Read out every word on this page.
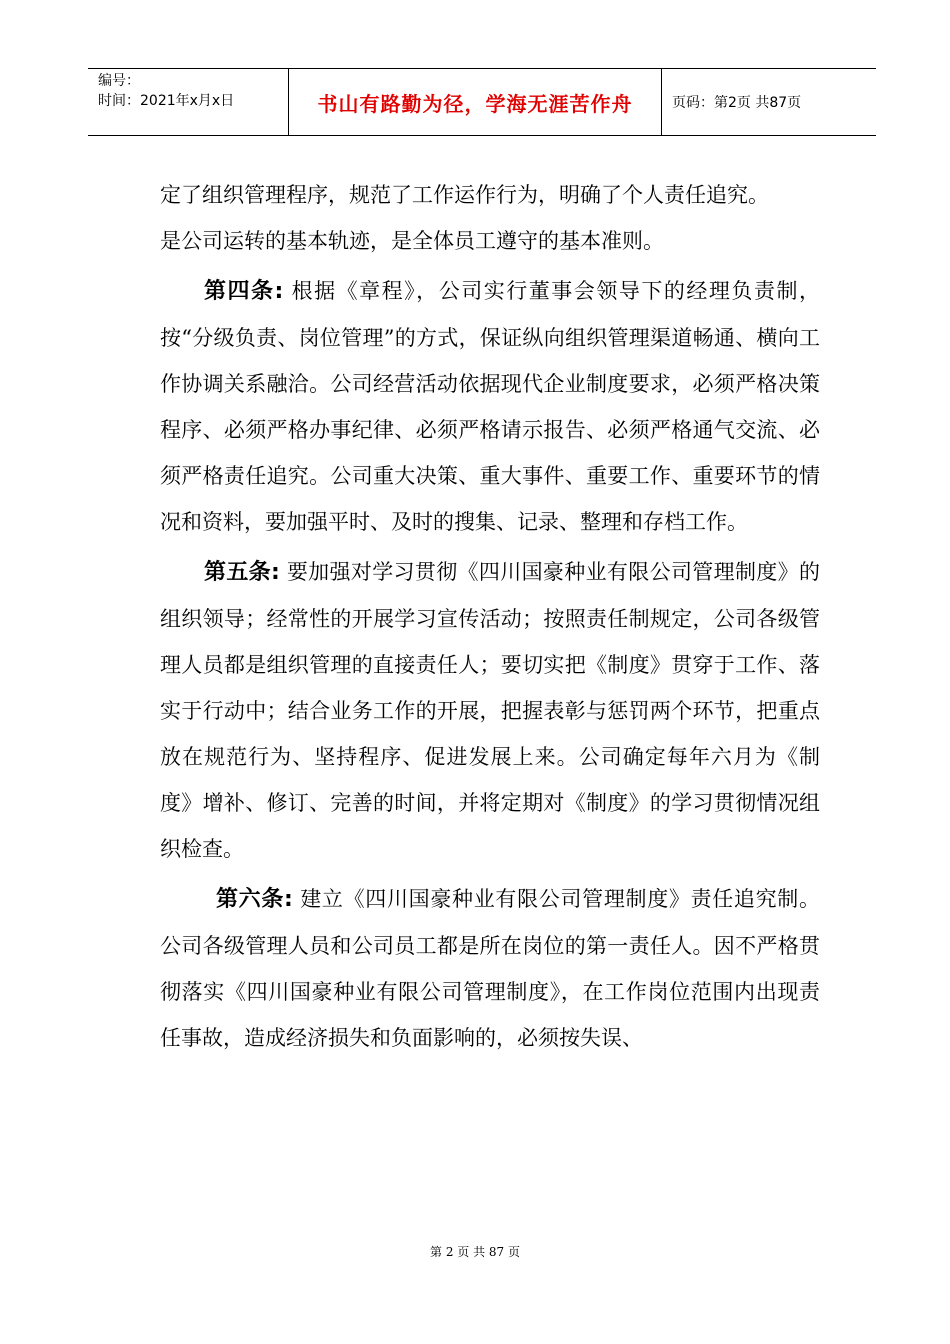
编号：
时间：2021年x月x日	书山有路勤为径，学海无涯苦作舟	页码：第2页 共87页

定了组织管理程序，规范了工作运作行为，明确了个人责任追究。

是公司运转的基本轨迹，是全体员工遵守的基本准则。

第四条: 根据《章程》，公司实行董事会领导下的经理负责制，按“分级负责、岗位管理”的方式，保证纵向组织管理渠道畅通、横向工作协调关系融洽。公司经营活动依据现代企业制度要求，必须严格决策程序、必须严格办事纪律、必须严格请示报告、必须严格通气交流、必须严格责任追究。公司重大决策、重大事件、重要工作、重要环节的情况和资料，要加强平时、及时的搜集、记录、整理和存档工作。

第五条: 要加强对学习贯彻《四川国豪种业有限公司管理制度》的组织领导；经常性的开展学习宣传活动；按照责任制规定，公司各级管理人员都是组织管理的直接责任人；要切实把《制度》贯穿于工作、落实于行动中；结合业务工作的开展，把握表彰与惩罚两个环节，把重点放在规范行为、坚持程序、促进发展上来。公司确定每年六月为《制度》增补、修订、完善的时间，并将定期对《制度》的学习贯彻情况组织检查。

第六条: 建立《四川国豪种业有限公司管理制度》责任追究制。公司各级管理人员和公司员工都是所在岗位的第一责任人。因不严格贯彻落实《四川国豪种业有限公司管理制度》，在工作岗位范围内出现责任事故，造成经济损失和负面影响的，必须按失误、

第 2 页 共 87 页
